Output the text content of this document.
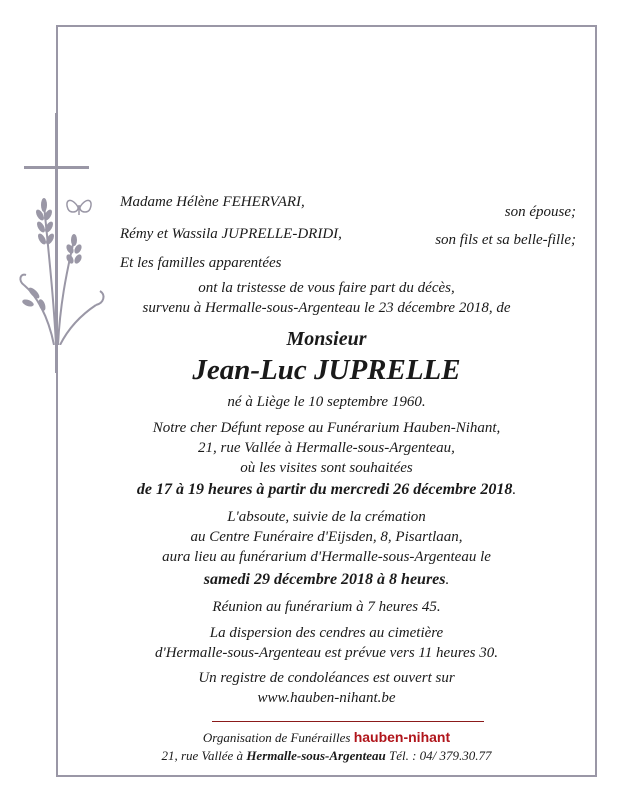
Madame Hélène FEHERVARI,
son épouse;
Rémy et Wassila JUPRELLE-DRIDI,	son fils et sa belle-fille;
Et les familles apparentées
ont la tristesse de vous faire part du décès,
survenu à Hermalle-sous-Argenteau le 23 décembre 2018, de
Monsieur
Jean-Luc JUPRELLE
né à Liège le 10 septembre 1960.
Notre cher Défunt repose au Funérarium Hauben-Nihant,
21, rue Vallée à Hermalle-sous-Argenteau,
où les visites sont souhaitées
de 17 à 19 heures à partir du mercredi 26 décembre 2018.
L'absoute, suivie de la crémation
au Centre Funéraire d'Eijsden, 8, Pisartlaan,
aura lieu au funérarium d'Hermalle-sous-Argenteau le
samedi 29 décembre 2018 à 8 heures.
Réunion au funérarium à 7 heures 45.
La dispersion des cendres au cimetière
d'Hermalle-sous-Argenteau est prévue vers 11 heures 30.
Un registre de condoléances est ouvert sur
www.hauben-nihant.be
Organisation de Funérailles hauben-nihant
21, rue Vallée à Hermalle-sous-Argenteau Tél. : 04/ 379.30.77
